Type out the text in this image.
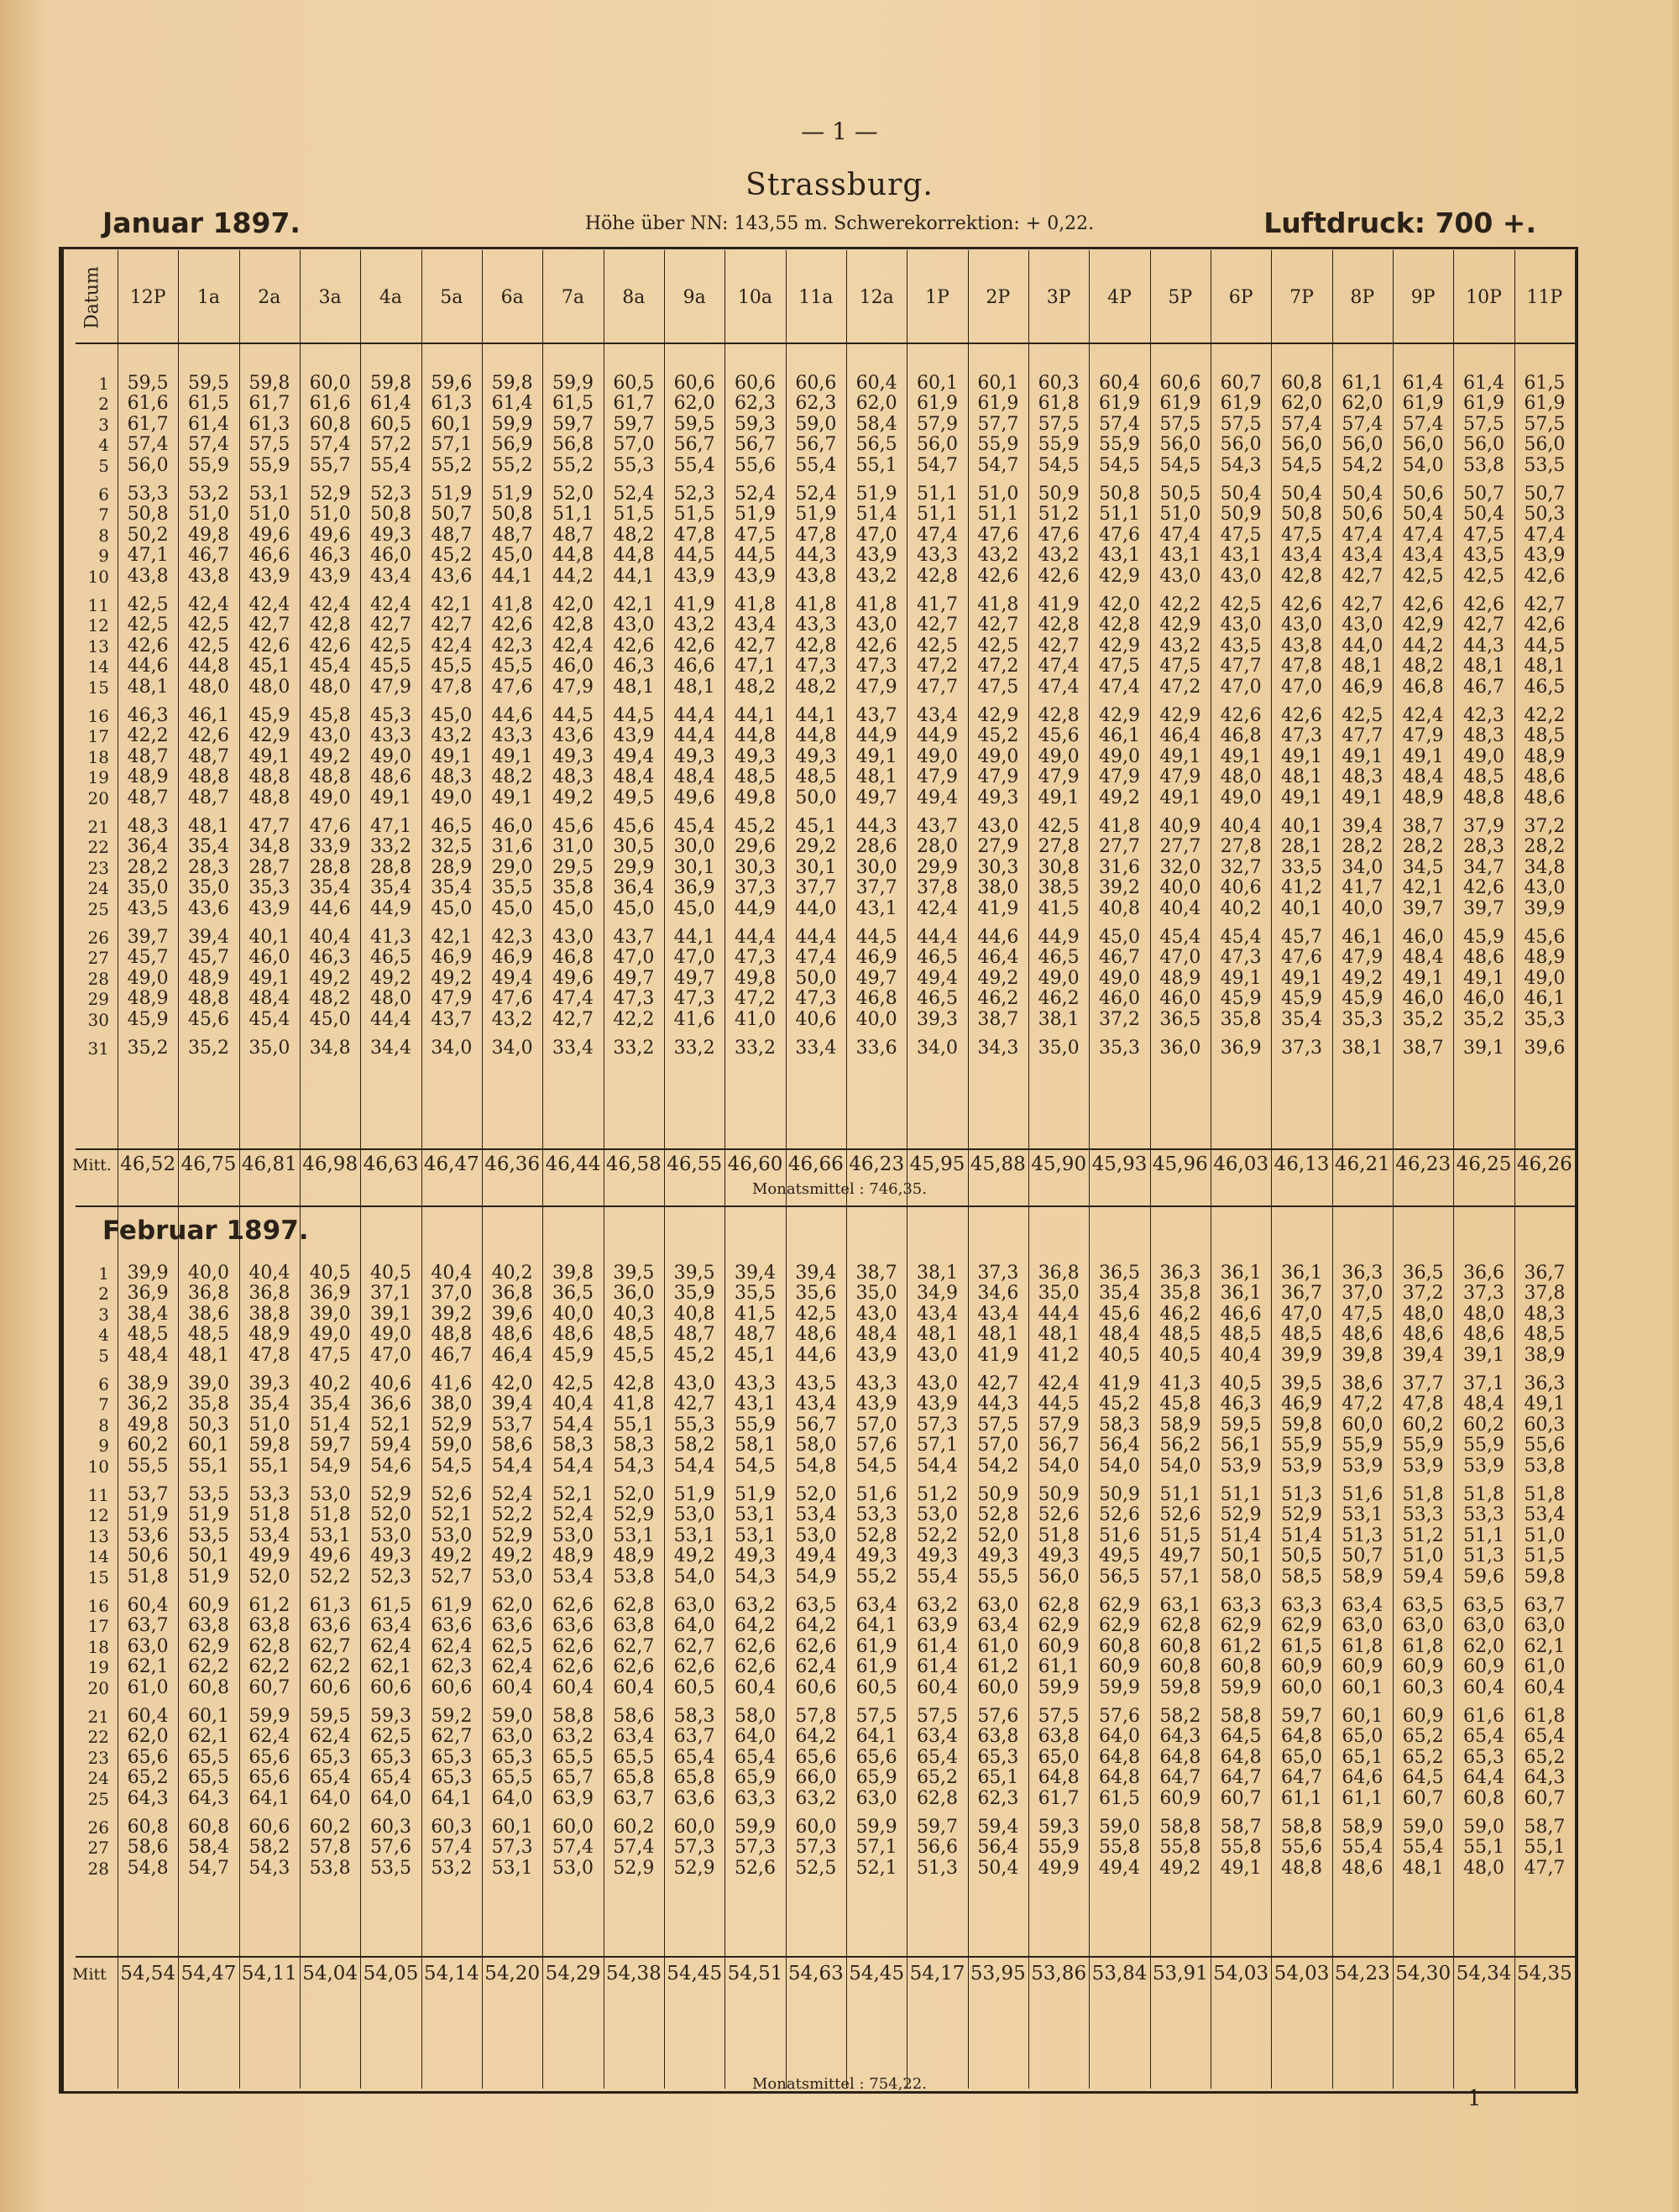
— 1 —
Strassburg.
Januar 1897.	Höhe über NN: 143,55 m. Schwerekorrektion: + 0,22.	Luftdruck: 700 +.
Datum	12P	1a	2a	3a	4a	5a	6a	7a	8a	9a	10a	11a	12a	1P	2P	3P	4P	5P	6P	7P	8P	9P	10P	11P
1 59,5	59,5	59,8	60,0	59,8	59,6	59,8	59,9	60,5	60,6	60,6	60,6	60,4	60,1	60,1	60,3	60,4	60,6	60,7	60,8	61,1	61,4	61,4	61,5
2 61,6	61,5	61,7	61,6	61,4	61,3	61,4	61,5	61,7	62,0	62,3	62,3	62,0	61,9	61,9	61,8	61,9	61,9	61,9	62,0	62,0	61,9	61,9	61,9
3 61,7	61,4	61,3	60,8	60,5	60,1	59,9	59,7	59,7	59,5	59,3	59,0	58,4	57,9	57,7	57,5	57,4	57,5	57,5	57,4	57,4	57,4	57,5	57,5
4 57,4	57,4	57,5	57,4	57,2	57,1	56,9	56,8	57,0	56,7	56,7	56,7	56,5	56,0	55,9	55,9	55,9	56,0	56,0	56,0	56,0	56,0	56,0	56,0
5 56,0	55,9	55,9	55,7	55,4	55,2	55,2	55,2	55,3	55,4	55,6	55,4	55,1	54,7	54,7	54,5	54,5	54,5	54,3	54,5	54,2	54,0	53,8	53,5
6 53,3	53,2	53,1	52,9	52,3	51,9	51,9	52,0	52,4	52,3	52,4	52,4	51,9	51,1	51,0	50,9	50,8	50,5	50,4	50,4	50,4	50,6	50,7	50,7
7 50,8	51,0	51,0	51,0	50,8	50,7	50,8	51,1	51,5	51,5	51,9	51,9	51,4	51,1	51,1	51,2	51,1	51,0	50,9	50,8	50,6	50,4	50,4	50,3
8 50,2	49,8	49,6	49,6	49,3	48,7	48,7	48,7	48,2	47,8	47,5	47,8	47,0	47,4	47,6	47,6	47,6	47,4	47,5	47,5	47,4	47,4	47,5	47,4
9 47,1	46,7	46,6	46,3	46,0	45,2	45,0	44,8	44,8	44,5	44,5	44,3	43,9	43,3	43,2	43,2	43,1	43,1	43,1	43,4	43,4	43,4	43,5	43,9
10 43,8	43,8	43,9	43,9	43,4	43,6	44,1	44,2	44,1	43,9	43,9	43,8	43,2	42,8	42,6	42,6	42,9	43,0	43,0	42,8	42,7	42,5	42,5	42,6
11 42,5	42,4	42,4	42,4	42,4	42,1	41,8	42,0	42,1	41,9	41,8	41,8	41,8	41,7	41,8	41,9	42,0	42,2	42,5	42,6	42,7	42,6	42,6	42,7
12 42,5	42,5	42,7	42,8	42,7	42,7	42,6	42,8	43,0	43,2	43,4	43,3	43,0	42,7	42,7	42,8	42,8	42,9	43,0	43,0	43,0	42,9	42,7	42,6
13 42,6	42,5	42,6	42,6	42,5	42,4	42,3	42,4	42,6	42,6	42,7	42,8	42,6	42,5	42,5	42,7	42,9	43,2	43,5	43,8	44,0	44,2	44,3	44,5
14 44,6	44,8	45,1	45,4	45,5	45,5	45,5	46,0	46,3	46,6	47,1	47,3	47,3	47,2	47,2	47,4	47,5	47,5	47,7	47,8	48,1	48,2	48,1	48,1
15 48,1	48,0	48,0	48,0	47,9	47,8	47,6	47,9	48,1	48,1	48,2	48,2	47,9	47,7	47,5	47,4	47,4	47,2	47,0	47,0	46,9	46,8	46,7	46,5
16 46,3	46,1	45,9	45,8	45,3	45,0	44,6	44,5	44,5	44,4	44,1	44,1	43,7	43,4	42,9	42,8	42,9	42,9	42,6	42,6	42,5	42,4	42,3	42,2
17 42,2	42,6	42,9	43,0	43,3	43,2	43,3	43,6	43,9	44,4	44,8	44,8	44,9	44,9	45,2	45,6	46,1	46,4	46,8	47,3	47,7	47,9	48,3	48,5
18 48,7	48,7	49,1	49,2	49,0	49,1	49,1	49,3	49,4	49,3	49,3	49,3	49,1	49,0	49,0	49,0	49,0	49,1	49,1	49,1	49,1	49,1	49,0	48,9
19 48,9	48,8	48,8	48,8	48,6	48,3	48,2	48,3	48,4	48,4	48,5	48,5	48,1	47,9	47,9	47,9	47,9	47,9	48,0	48,1	48,3	48,4	48,5	48,6
20 48,7	48,7	48,8	49,0	49,1	49,0	49,1	49,2	49,5	49,6	49,8	50,0	49,7	49,4	49,3	49,1	49,2	49,1	49,0	49,1	49,1	48,9	48,8	48,6
21 48,3	48,1	47,7	47,6	47,1	46,5	46,0	45,6	45,6	45,4	45,2	45,1	44,3	43,7	43,0	42,5	41,8	40,9	40,4	40,1	39,4	38,7	37,9	37,2
22 36,4	35,4	34,8	33,9	33,2	32,5	31,6	31,0	30,5	30,0	29,6	29,2	28,6	28,0	27,9	27,8	27,7	27,7	27,8	28,1	28,2	28,2	28,3	28,2
23 28,2	28,3	28,7	28,8	28,8	28,9	29,0	29,5	29,9	30,1	30,3	30,1	30,0	29,9	30,3	30,8	31,6	32,0	32,7	33,5	34,0	34,5	34,7	34,8
24 35,0	35,0	35,3	35,4	35,4	35,4	35,5	35,8	36,4	36,9	37,3	37,7	37,7	37,8	38,0	38,5	39,2	40,0	40,6	41,2	41,7	42,1	42,6	43,0
25 43,5	43,6	43,9	44,6	44,9	45,0	45,0	45,0	45,0	45,0	44,9	44,0	43,1	42,4	41,9	41,5	40,8	40,4	40,2	40,1	40,0	39,7	39,7	39,9
26 39,7	39,4	40,1	40,4	41,3	42,1	42,3	43,0	43,7	44,1	44,4	44,4	44,5	44,4	44,6	44,9	45,0	45,4	45,4	45,7	46,1	46,0	45,9	45,6
27 45,7	45,7	46,0	46,3	46,5	46,9	46,9	46,8	47,0	47,0	47,3	47,4	46,9	46,5	46,4	46,5	46,7	47,0	47,3	47,6	47,9	48,4	48,6	48,9
28 49,0	48,9	49,1	49,2	49,2	49,2	49,4	49,6	49,7	49,7	49,8	50,0	49,7	49,4	49,2	49,0	49,0	48,9	49,1	49,1	49,2	49,1	49,1	49,0
29 48,9	48,8	48,4	48,2	48,0	47,9	47,6	47,4	47,3	47,3	47,2	47,3	46,8	46,5	46,2	46,2	46,0	46,0	45,9	45,9	45,9	46,0	46,0	46,1
30 45,9	45,6	45,4	45,0	44,4	43,7	43,2	42,7	42,2	41,6	41,0	40,6	40,0	39,3	38,7	38,1	37,2	36,5	35,8	35,4	35,3	35,2	35,2	35,3
31 35,2	35,2	35,0	34,8	34,4	34,0	34,0	33,4	33,2	33,2	33,2	33,4	33,6	34,0	34,3	35,0	35,3	36,0	36,9	37,3	38,1	38,7	39,1	39,6
1 39,9	40,0	40,4	40,5	40,5	40,4	40,2	39,8	39,5	39,5	39,4	39,4	38,7	38,1	37,3	36,8	36,5	36,3	36,1	36,1	36,3	36,5	36,6	36,7
2 36,9	36,8	36,8	36,9	37,1	37,0	36,8	36,5	36,0	35,9	35,5	35,6	35,0	34,9	34,6	35,0	35,4	35,8	36,1	36,7	37,0	37,2	37,3	37,8
3 38,4	38,6	38,8	39,0	39,1	39,2	39,6	40,0	40,3	40,8	41,5	42,5	43,0	43,4	43,4	44,4	45,6	46,2	46,6	47,0	47,5	48,0	48,0	48,3
4 48,5	48,5	48,9	49,0	49,0	48,8	48,6	48,6	48,5	48,7	48,7	48,6	48,4	48,1	48,1	48,1	48,4	48,5	48,5	48,5	48,6	48,6	48,6	48,5
5 48,4	48,1	47,8	47,5	47,0	46,7	46,4	45,9	45,5	45,2	45,1	44,6	43,9	43,0	41,9	41,2	40,5	40,5	40,4	39,9	39,8	39,4	39,1	38,9
6 38,9	39,0	39,3	40,2	40,6	41,6	42,0	42,5	42,8	43,0	43,3	43,5	43,3	43,0	42,7	42,4	41,9	41,3	40,5	39,5	38,6	37,7	37,1	36,3
7 36,2	35,8	35,4	35,4	36,6	38,0	39,4	40,4	41,8	42,7	43,1	43,4	43,9	43,9	44,3	44,5	45,2	45,8	46,3	46,9	47,2	47,8	48,4	49,1
8 49,8	50,3	51,0	51,4	52,1	52,9	53,7	54,4	55,1	55,3	55,9	56,7	57,0	57,3	57,5	57,9	58,3	58,9	59,5	59,8	60,0	60,2	60,2	60,3
9 60,2	60,1	59,8	59,7	59,4	59,0	58,6	58,3	58,3	58,2	58,1	58,0	57,6	57,1	57,0	56,7	56,4	56,2	56,1	55,9	55,9	55,9	55,9	55,6
10 55,5	55,1	55,1	54,9	54,6	54,5	54,4	54,4	54,3	54,4	54,5	54,8	54,5	54,4	54,2	54,0	54,0	54,0	53,9	53,9	53,9	53,9	53,9	53,8
11 53,7	53,5	53,3	53,0	52,9	52,6	52,4	52,1	52,0	51,9	51,9	52,0	51,6	51,2	50,9	50,9	50,9	51,1	51,1	51,3	51,6	51,8	51,8	51,8
12 51,9	51,9	51,8	51,8	52,0	52,1	52,2	52,4	52,9	53,0	53,1	53,4	53,3	53,0	52,8	52,6	52,6	52,6	52,9	52,9	53,1	53,3	53,3	53,4
13 53,6	53,5	53,4	53,1	53,0	53,0	52,9	53,0	53,1	53,1	53,1	53,0	52,8	52,2	52,0	51,8	51,6	51,5	51,4	51,4	51,3	51,2	51,1	51,0
14 50,6	50,1	49,9	49,6	49,3	49,2	49,2	48,9	48,9	49,2	49,3	49,4	49,3	49,3	49,3	49,3	49,5	49,7	50,1	50,5	50,7	51,0	51,3	51,5
15 51,8	51,9	52,0	52,2	52,3	52,7	53,0	53,4	53,8	54,0	54,3	54,9	55,2	55,4	55,5	56,0	56,5	57,1	58,0	58,5	58,9	59,4	59,6	59,8
16 60,4	60,9	61,2	61,3	61,5	61,9	62,0	62,6	62,8	63,0	63,2	63,5	63,4	63,2	63,0	62,8	62,9	63,1	63,3	63,3	63,4	63,5	63,5	63,7
17 63,7	63,8	63,8	63,6	63,4	63,6	63,6	63,6	63,8	64,0	64,2	64,2	64,1	63,9	63,4	62,9	62,9	62,8	62,9	62,9	63,0	63,0	63,0	63,0
18 63,0	62,9	62,8	62,7	62,4	62,4	62,5	62,6	62,7	62,7	62,6	62,6	61,9	61,4	61,0	60,9	60,8	60,8	61,2	61,5	61,8	61,8	62,0	62,1
19 62,1	62,2	62,2	62,2	62,1	62,3	62,4	62,6	62,6	62,6	62,6	62,4	61,9	61,4	61,2	61,1	60,9	60,8	60,8	60,9	60,9	60,9	60,9	61,0
20 61,0	60,8	60,7	60,6	60,6	60,6	60,4	60,4	60,4	60,5	60,4	60,6	60,5	60,4	60,0	59,9	59,9	59,8	59,9	60,0	60,1	60,3	60,4	60,4
21 60,4	60,1	59,9	59,5	59,3	59,2	59,0	58,8	58,6	58,3	58,0	57,8	57,5	57,5	57,6	57,5	57,6	58,2	58,8	59,7	60,1	60,9	61,6	61,8
22 62,0	62,1	62,4	62,4	62,5	62,7	63,0	63,2	63,4	63,7	64,0	64,2	64,1	63,4	63,8	63,8	64,0	64,3	64,5	64,8	65,0	65,2	65,4	65,4
23 65,6	65,5	65,6	65,3	65,3	65,3	65,3	65,5	65,5	65,4	65,4	65,6	65,6	65,4	65,3	65,0	64,8	64,8	64,8	65,0	65,1	65,2	65,3	65,2
24 65,2	65,5	65,6	65,4	65,4	65,3	65,5	65,7	65,8	65,8	65,9	66,0	65,9	65,2	65,1	64,8	64,8	64,7	64,7	64,7	64,6	64,5	64,4	64,3
25 64,3	64,3	64,1	64,0	64,0	64,1	64,0	63,9	63,7	63,6	63,3	63,2	63,0	62,8	62,3	61,7	61,5	60,9	60,7	61,1	61,1	60,7	60,8	60,7
26 60,8	60,8	60,6	60,2	60,3	60,3	60,1	60,0	60,2	60,0	59,9	60,0	59,9	59,7	59,4	59,3	59,0	58,8	58,7	58,8	58,9	59,0	59,0	58,7
27 58,6	58,4	58,2	57,8	57,6	57,4	57,3	57,4	57,4	57,3	57,3	57,3	57,1	56,6	56,4	55,9	55,8	55,8	55,8	55,6	55,4	55,4	55,1	55,1
28 54,8	54,7	54,3	53,8	53,5	53,2	53,1	53,0	52,9	52,9	52,6	52,5	52,1	51,3	50,4	49,9	49,4	49,2	49,1	48,8	48,6	48,1	48,0	47,7
Mitt. 46,52 46,75 46,81 46,98 46,63 46,47 46,36 46,44 46,58 46,55 46,60 46,66 46,23 45,95 45,88 45,90 45,93 45,96 46,03 46,13 46,21 46,23 46,25 46,26
Mitt 54,54 54,47 54,11 54,04 54,05 54,14 54,20 54,29 54,38 54,45 54,51 54,63 54,45 54,17 53,95 53,86 53,84 53,91 54,03 54,03 54,23 54,30 54,34 54,35
Monatsmittel : 746,35.
Februar 1897.
Monatsmittel : 754,22.
1
